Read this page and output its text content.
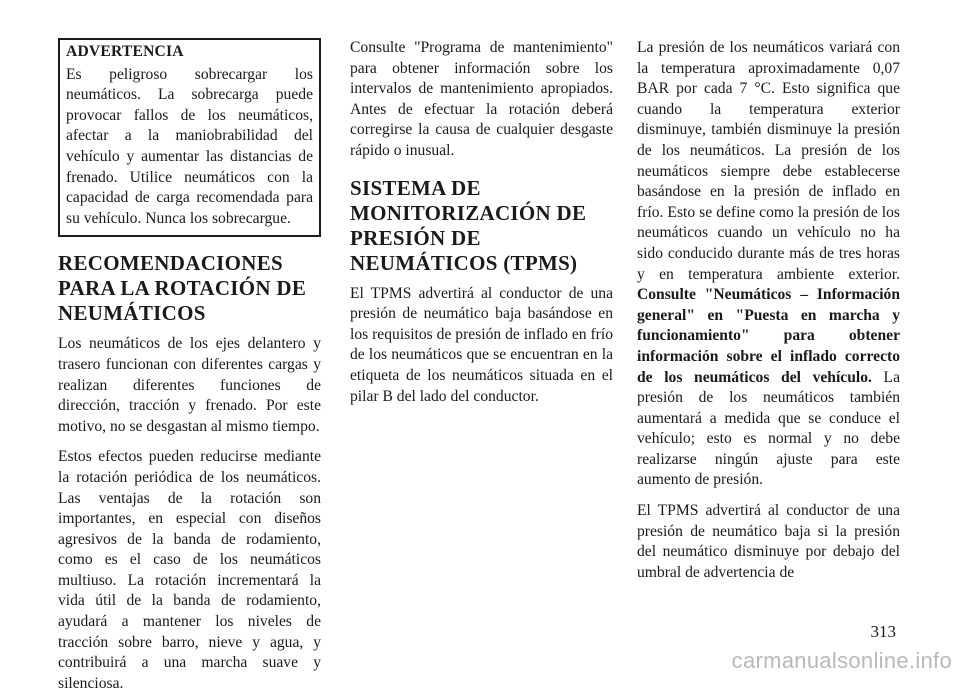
ADVERTENCIA

Es peligroso sobrecargar los neumáticos. La sobrecarga puede provocar fallos de los neumáticos, afectar a la maniobrabilidad del vehículo y aumentar las distancias de frenado. Utilice neumáticos con la capacidad de carga recomendada para su vehículo. Nunca los sobrecargue.

RECOMENDACIONES PARA LA ROTACIÓN DE NEUMÁTICOS

Los neumáticos de los ejes delantero y trasero funcionan con diferentes cargas y realizan diferentes funciones de dirección, tracción y frenado. Por este motivo, no se desgastan al mismo tiempo.

Estos efectos pueden reducirse mediante la rotación periódica de los neumáticos. Las ventajas de la rotación son importantes, en especial con diseños agresivos de la banda de rodamiento, como es el caso de los neumáticos multiuso. La rotación incrementará la vida útil de la banda de rodamiento, ayudará a mantener los niveles de tracción sobre barro, nieve y agua, y contribuirá a una marcha suave y silenciosa.

Consulte "Programa de mantenimiento" para obtener información sobre los intervalos de mantenimiento apropiados. Antes de efectuar la rotación deberá corregirse la causa de cualquier desgaste rápido o inusual.

SISTEMA DE MONITORIZACIÓN DE PRESIÓN DE NEUMÁTICOS (TPMS)

El TPMS advertirá al conductor de una presión de neumático baja basándose en los requisitos de presión de inflado en frío de los neumáticos que se encuentran en la etiqueta de los neumáticos situada en el pilar B del lado del conductor.

La presión de los neumáticos variará con la temperatura aproximadamente 0,07 BAR por cada 7 °C. Esto significa que cuando la temperatura exterior disminuye, también disminuye la presión de los neumáticos. La presión de los neumáticos siempre debe establecerse basándose en la presión de inflado en frío. Esto se define como la presión de los neumáticos cuando un vehículo no ha sido conducido durante más de tres horas y en temperatura ambiente exterior. Consulte "Neumáticos – Información general" en "Puesta en marcha y funcionamiento" para obtener información sobre el inflado correcto de los neumáticos del vehículo. La presión de los neumáticos también aumentará a medida que se conduce el vehículo; esto es normal y no debe realizarse ningún ajuste para este aumento de presión.

El TPMS advertirá al conductor de una presión de neumático baja si la presión del neumático disminuye por debajo del umbral de advertencia de

313
carmanualsonline.info
